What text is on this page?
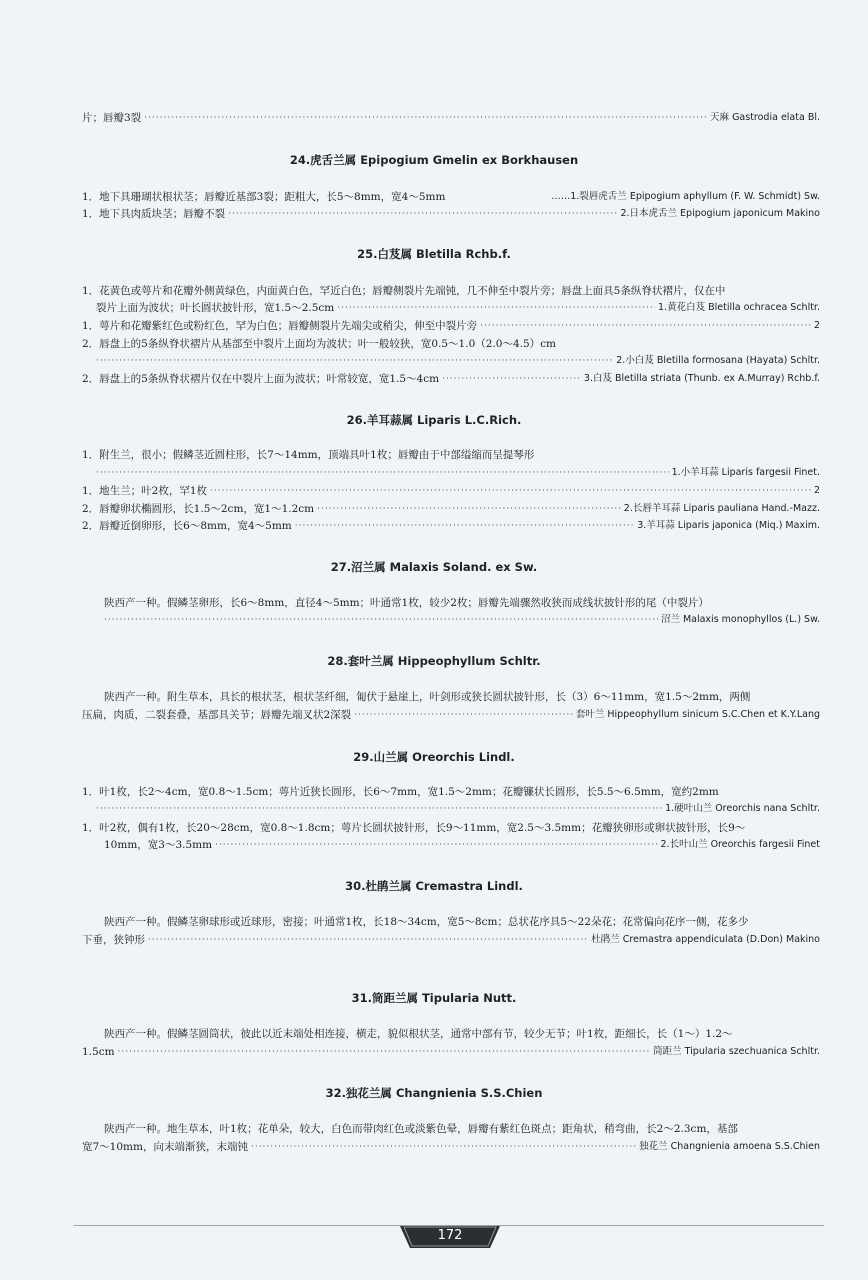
片；唇瓣3裂 ·····	天麻 Gastrodia elata Bl.
24.虎舌兰属 Epipogium Gmelin ex Borkhausen
1．地下具珊瑚状根状茎；唇瓣近基部3裂；距粗大，长5～8mm，宽4～5mm	……1.裂唇虎舌兰 Epipogium aphyllum (F. W. Schmidt) Sw.
1．地下具肉质块茎；唇瓣不裂 ·····	2.日本虎舌兰 Epipogium japonicum Makino
25.白芨属 Bletilla Rchb.f.
1．花黄色或萼片和花瓣外侧黄绿色，内面黄白色，罕近白色；唇瓣侧裂片先端钝，几不伸至中裂片旁；唇盘上面具5条纵脊状褶片，仅在中
裂片上面为波状；叶长圆状披针形，宽1.5～2.5cm ·····	1.黄花白芨 Bletilla ochracea Schltr.
1．萼片和花瓣紫红色或粉红色，罕为白色；唇瓣侧裂片先端尖或稍尖，伸至中裂片旁 ·····	2
2．唇盘上的5条纵脊状褶片从基部至中裂片上面均为波状；叶一般较狭，宽0.5～1.0（2.0～4.5）cm
·····
2.小白芨 Bletilla formosana (Hayata) Schltr.
2．唇盘上的5条纵脊状褶片仅在中裂片上面为波状；叶常较宽，宽1.5～4cm ·····	3.白芨 Bletilla striata (Thunb. ex A.Murray) Rchb.f.
26.羊耳蒜属 Liparis L.C.Rich.
1．附生兰，很小；假鳞茎近圆柱形，长7～14mm，顶端具叶1枚；唇瓣由于中部缢缩而呈提琴形
·····
1.小羊耳蒜 Liparis fargesii Finet.
1．地生兰；叶2枚，罕1枚 ·····	2
2．唇瓣卵状椭圆形，长1.5～2cm，宽1～1.2cm ·····	2.长唇羊耳蒜 Liparis pauliana Hand.-Mazz.
2．唇瓣近倒卵形，长6～8mm，宽4～5mm ·····	3.羊耳蒜 Liparis japonica (Miq.) Maxim.
27.沼兰属 Malaxis Soland. ex Sw.
陕西产一种。假鳞茎卵形，长6～8mm，直径4～5mm；叶通常1枚，较少2枚；唇瓣先端骤然收狭而成线状披针形的尾（中裂片）
·····
沼兰 Malaxis monophyllos (L.) Sw.
28.套叶兰属 Hippeophyllum Schltr.
陕西产一种。附生草本，具长的根状茎，根状茎纤细，匍伏于悬崖上，叶剑形或狭长圆状披针形，长（3）6～11mm，宽1.5～2mm，两侧
压扁，肉质，二裂套叠，基部具关节；唇瓣先端叉状2深裂 ·····	套叶兰 Hippeophyllum sinicum S.C.Chen et K.Y.Lang
29.山兰属 Oreorchis Lindl.
1．叶1枚，长2～4cm，宽0.8～1.5cm；萼片近狭长圆形，长6～7mm，宽1.5～2mm；花瓣镰状长圆形，长5.5～6.5mm，宽约2mm
·····
1.硬叶山兰 Oreorchis nana Schltr.
1．叶2枚，偶有1枚，长20～28cm，宽0.8～1.8cm；萼片长圆状披针形，长9～11mm，宽2.5～3.5mm；花瓣狭卵形或卵状披针形，长9～
10mm，宽3～3.5mm ·····	2.长叶山兰 Oreorchis fargesii Finet
30.杜鹃兰属 Cremastra Lindl.
陕西产一种。假鳞茎卵球形或近球形，密接；叶通常1枚，长18～34cm，宽5～8cm；总状花序具5～22朵花；花常偏向花序一侧，花多少
下垂，狭钟形 ·····	杜鹃兰 Cremastra appendiculata (D.Don) Makino
31.筒距兰属 Tipularia Nutt.
陕西产一种。假鳞茎圆筒状，彼此以近末端处相连接，横走，貌似根状茎，通常中部有节，较少无节；叶1枚，距细长，长（1～）1.2～
1.5cm ·····	筒距兰 Tipularia szechuanica Schltr.
32.独花兰属 Changnienia S.S.Chien
陕西产一种。地生草本，叶1枚；花单朵，较大，白色而带肉红色或淡紫色晕，唇瓣有紫红色斑点；距角状，稍弯曲，长2～2.3cm，基部
宽7～10mm，向末端渐狭，末端钝 ·····	独花兰 Changnienia amoena S.S.Chien
172
